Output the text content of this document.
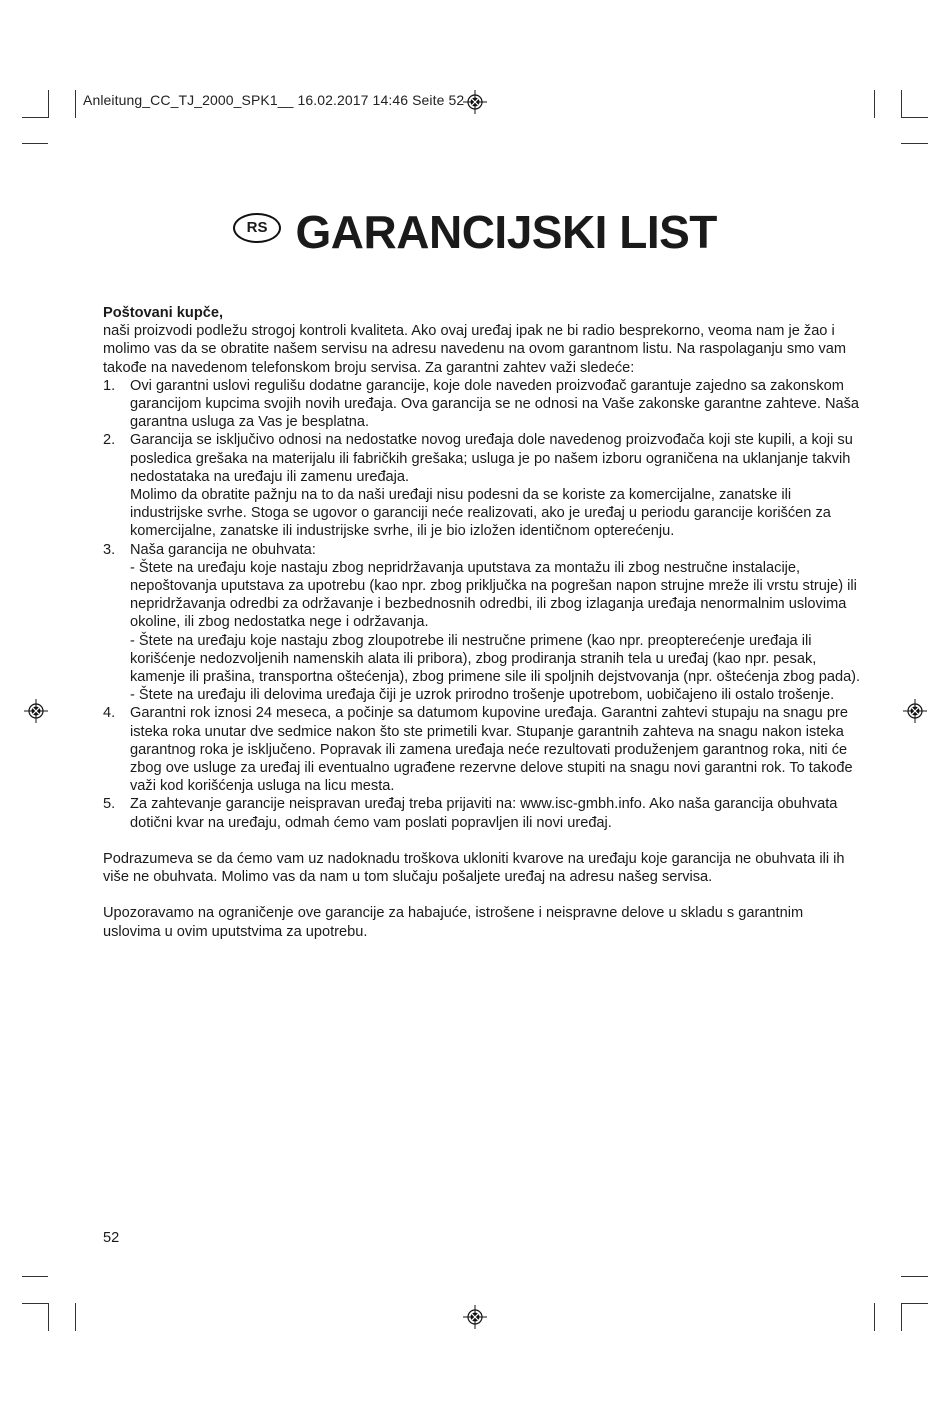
Anleitung_CC_TJ_2000_SPK1__ 16.02.2017 14:46 Seite 52
RS GARANCIJSKI LIST

Poštovani kupče,

naši proizvodi podležu strogoj kontroli kvaliteta. Ako ovaj uređaj ipak ne bi radio besprekorno, veoma nam je žao i molimo vas da se obratite našem servisu na adresu navedenu na ovom garantnom listu. Na raspolaganju smo vam takođe na navedenom telefonskom broju servisa. Za garantni zahtev važi sledeće:

1. Ovi garantni uslovi regulišu dodatne garancije, koje dole naveden proizvođač garantuje zajedno sa zakonskom garancijom kupcima svojih novih uređaja. Ova garancija se ne odnosi na Vaše zakonske garantne zahteve. Naša garantna usluga za Vas je besplatna.
2. Garancija se isključivo odnosi na nedostatke novog uređaja dole navedenog proizvođača koji ste kupili, a koji su posledica grešaka na materijalu ili fabričkih grešaka; usluga je po našem izboru ograničena na uklanjanje takvih nedostataka na uređaju ili zamenu uređaja.

Molimo da obratite pažnju na to da naši uređaji nisu podesni da se koriste za komercijalne, zanatske ili industrijske svrhe. Stoga se ugovor o garanciji neće realizovati, ako je uređaj u periodu garancije korišćen za komercijalne, zanatske ili industrijske svrhe, ili je bio izložen identičnom opterećenju.

3. Naša garancija ne obuhvata:

- Štete na uređaju koje nastaju zbog nepridržavanja uputstava za montažu ili zbog nestručne instalacije, nepoštovanja uputstava za upotrebu (kao npr. zbog priključka na pogrešan napon strujne mreže ili vrstu struje) ili nepridržavanja odredbi za održavanje i bezbednosnih odredbi, ili zbog izlaganja uređaja nenormalnim uslovima okoline, ili zbog nedostatka nege i održavanja.

- Štete na uređaju koje nastaju zbog zloupotrebe ili nestručne primene (kao npr. preopterećenje uređaja ili korišćenje nedozvoljenih namenskih alata ili pribora), zbog prodiranja stranih tela u uređaj (kao npr. pesak, kamenje ili prašina, transportna oštećenja), zbog primene sile ili spoljnih dejstvovanja (npr. oštećenja zbog pada).

- Štete na uređaju ili delovima uređaja čiji je uzrok prirodno trošenje upotrebom, uobičajeno ili ostalo trošenje.

4. Garantni rok iznosi 24 meseca, a počinje sa datumom kupovine uređaja. Garantni zahtevi stupaju na snagu pre isteka roka unutar dve sedmice nakon što ste primetili kvar. Stupanje garantnih zahteva na snagu nakon isteka garantnog roka je isključeno. Popravak ili zamena uređaja neće rezultovati produženjem garantnog roka, niti će zbog ove usluge za uređaj ili eventualno ugrađene rezervne delove stupiti na snagu novi garantni rok. To takođe važi kod korišćenja usluga na licu mesta.
5. Za zahtevanje garancije neispravan uređaj treba prijaviti na: www.isc-gmbh.info. Ako naša garancija obuhvata dotični kvar na uređaju, odmah ćemo vam poslati popravljen ili novi uređaj.

Podrazumeva se da ćemo vam uz nadoknadu troškova ukloniti kvarove na uređaju koje garancija ne obuhvata ili ih više ne obuhvata. Molimo vas da nam u tom slučaju pošaljete uređaj na adresu našeg servisa.

Upozoravamo na ograničenje ove garancije za habajuće, istrošene i neispravne delove u skladu s garantnim uslovima u ovim uputstvima za upotrebu.

52
